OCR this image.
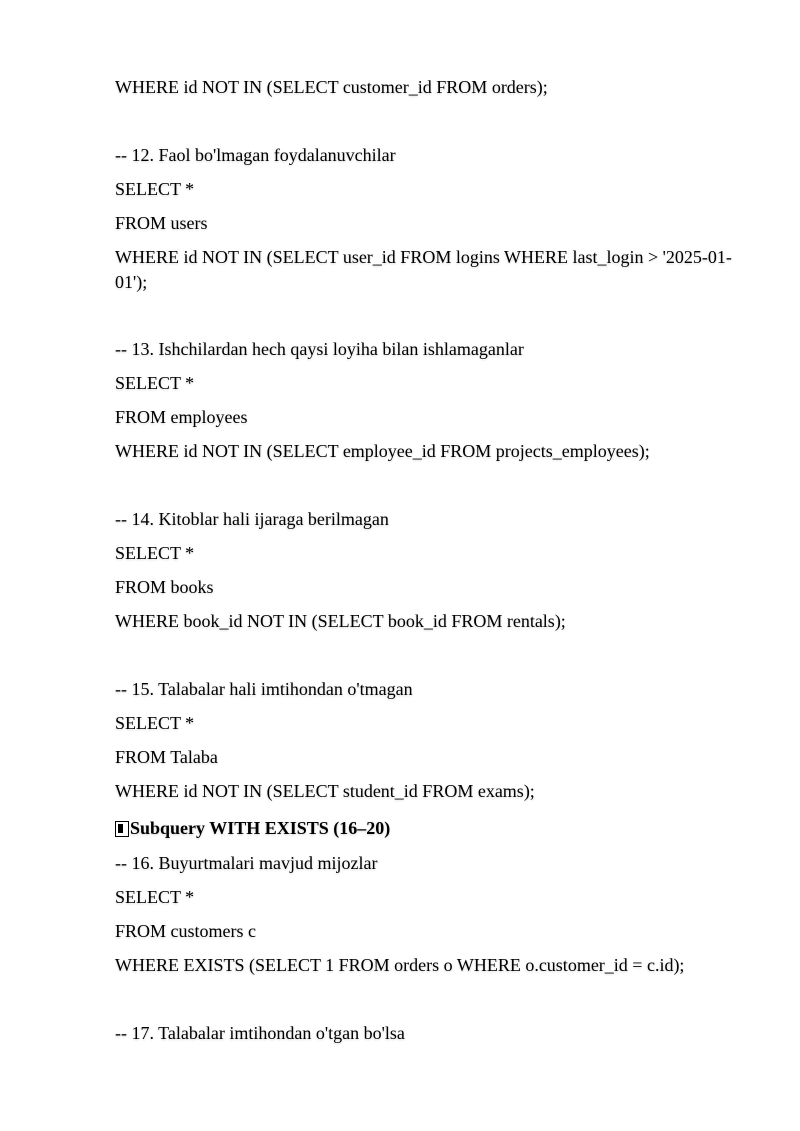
WHERE id NOT IN (SELECT customer_id FROM orders);

-- 12. Faol bo'lmagan foydalanuvchilar

SELECT *

FROM users

WHERE id NOT IN (SELECT user_id FROM logins WHERE last_login > '2025-01-01');

-- 13. Ishchilardan hech qaysi loyiha bilan ishlamaganlar

SELECT *

FROM employees

WHERE id NOT IN (SELECT employee_id FROM projects_employees);

-- 14. Kitoblar hali ijaraga berilmagan

SELECT *

FROM books

WHERE book_id NOT IN (SELECT book_id FROM rentals);

-- 15. Talabalar hali imtihondan o'tmagan

SELECT *

FROM Talaba

WHERE id NOT IN (SELECT student_id FROM exams);

Subquery WITH EXISTS (16–20)

-- 16. Buyurtmalari mavjud mijozlar

SELECT *

FROM customers c

WHERE EXISTS (SELECT 1 FROM orders o WHERE o.customer_id = c.id);

-- 17. Talabalar imtihondan o'tgan bo'lsa
